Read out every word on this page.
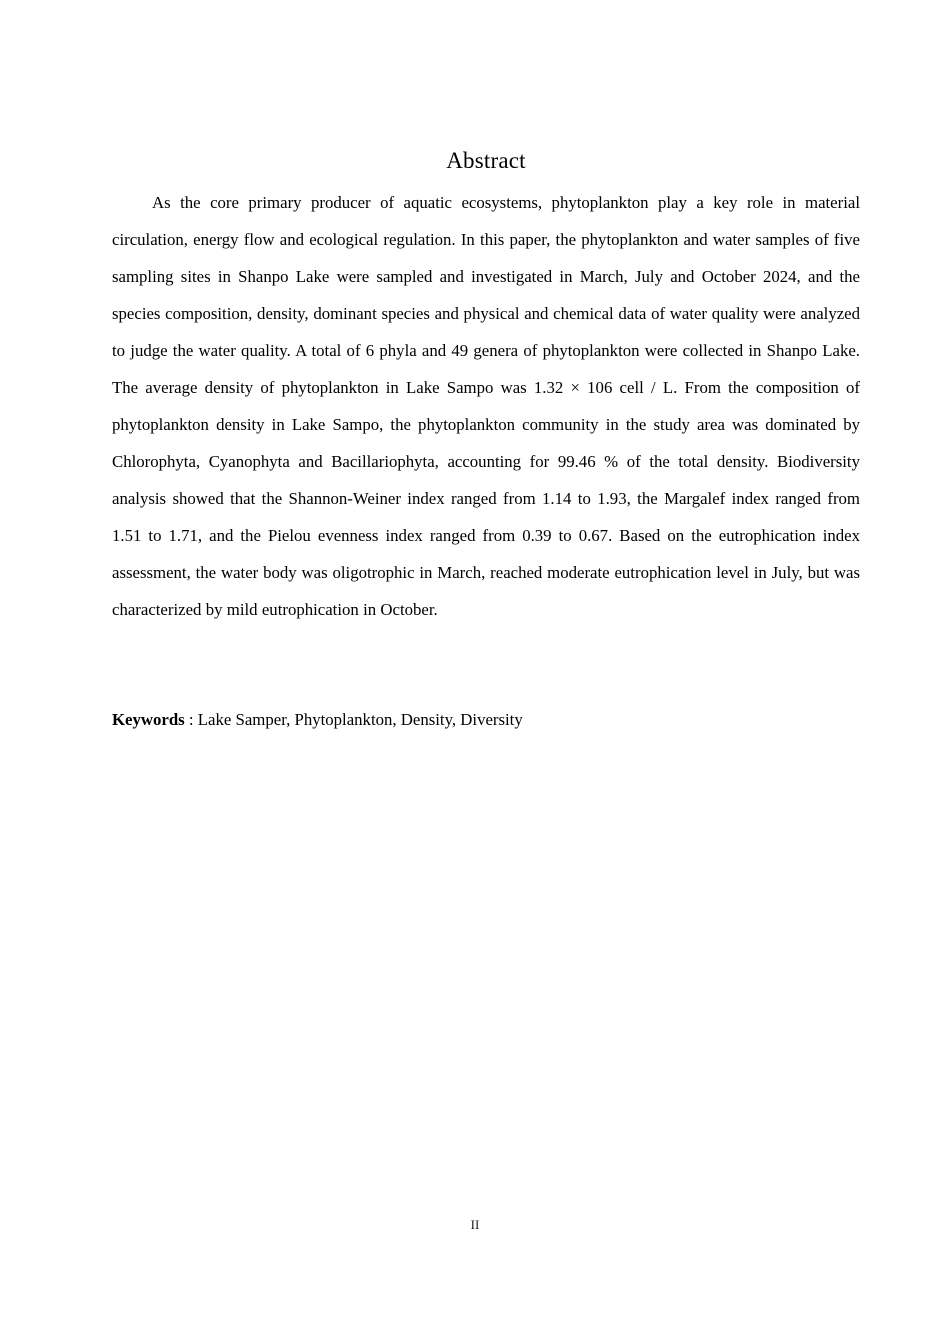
Abstract

As the core primary producer of aquatic ecosystems, phytoplankton play a key role in material circulation, energy flow and ecological regulation. In this paper, the phytoplankton and water samples of five sampling sites in Shanpo Lake were sampled and investigated in March, July and October 2024, and the species composition, density, dominant species and physical and chemical data of water quality were analyzed to judge the water quality. A total of 6 phyla and 49 genera of phytoplankton were collected in Shanpo Lake. The average density of phytoplankton in Lake Sampo was 1.32 × 106 cell / L. From the composition of phytoplankton density in Lake Sampo, the phytoplankton community in the study area was dominated by Chlorophyta, Cyanophyta and Bacillariophyta, accounting for 99.46 % of the total density. Biodiversity analysis showed that the Shannon-Weiner index ranged from 1.14 to 1.93, the Margalef index ranged from 1.51 to 1.71, and the Pielou evenness index ranged from 0.39 to 0.67. Based on the eutrophication index assessment, the water body was oligotrophic in March, reached moderate eutrophication level in July, but was characterized by mild eutrophication in October.

Keywords : Lake Samper, Phytoplankton, Density, Diversity

II
